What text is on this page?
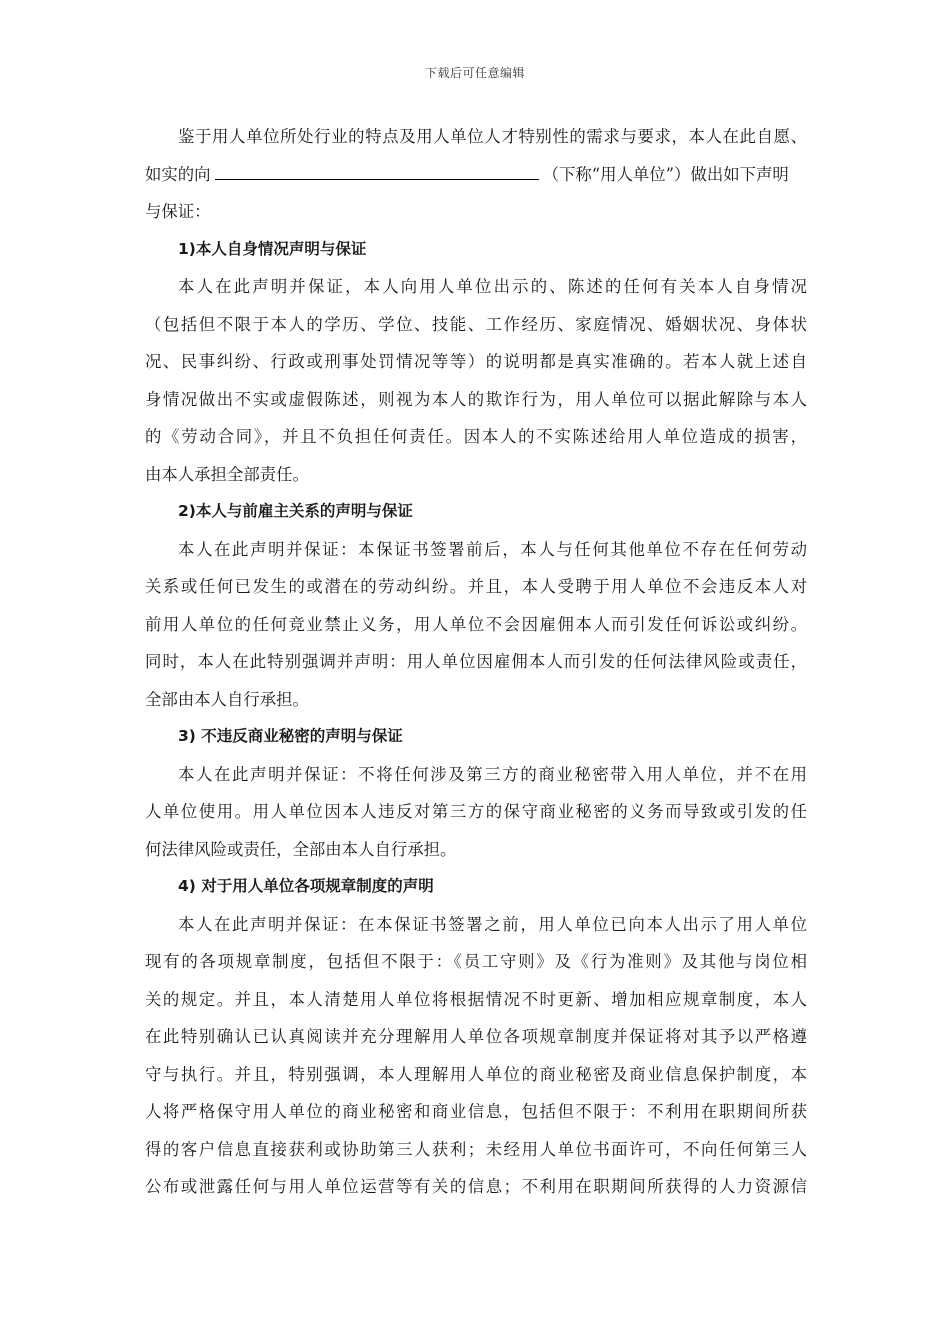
下载后可任意编辑
鉴于用人单位所处行业的特点及用人单位人才特别性的需求与要求，本人在此自愿、
如实的向	（下称“用人单位”）做出如下声明
与保证：
1)本人自身情况声明与保证
本人在此声明并保证，本人向用人单位出示的、陈述的任何有关本人自身情况
（包括但不限于本人的学历、学位、技能、工作经历、家庭情况、婚姻状况、身体状
况、民事纠纷、行政或刑事处罚情况等等）的说明都是真实准确的。若本人就上述自
身情况做出不实或虚假陈述，则视为本人的欺诈行为，用人单位可以据此解除与本人
的《劳动合同》，并且不负担任何责任。因本人的不实陈述给用人单位造成的损害，
由本人承担全部责任。
2)本人与前雇主关系的声明与保证
本人在此声明并保证：本保证书签署前后，本人与任何其他单位不存在任何劳动
关系或任何已发生的或潜在的劳动纠纷。并且，本人受聘于用人单位不会违反本人对
前用人单位的任何竞业禁止义务，用人单位不会因雇佣本人而引发任何诉讼或纠纷。
同时，本人在此特别强调并声明：用人单位因雇佣本人而引发的任何法律风险或责任，
全部由本人自行承担。
3) 不违反商业秘密的声明与保证
本人在此声明并保证：不将任何涉及第三方的商业秘密带入用人单位，并不在用
人单位使用。用人单位因本人违反对第三方的保守商业秘密的义务而导致或引发的任
何法律风险或责任，全部由本人自行承担。
4) 对于用人单位各项规章制度的声明
本人在此声明并保证：在本保证书签署之前，用人单位已向本人出示了用人单位
现有的各项规章制度，包括但不限于：《员工守则》及《行为准则》及其他与岗位相
关的规定。并且，本人清楚用人单位将根据情况不时更新、增加相应规章制度，本人
在此特别确认已认真阅读并充分理解用人单位各项规章制度并保证将对其予以严格遵
守与执行。并且，特别强调，本人理解用人单位的商业秘密及商业信息保护制度，本
人将严格保守用人单位的商业秘密和商业信息，包括但不限于：不利用在职期间所获
得的客户信息直接获利或协助第三人获利；未经用人单位书面许可，不向任何第三人
公布或泄露任何与用人单位运营等有关的信息；不利用在职期间所获得的人力资源信
